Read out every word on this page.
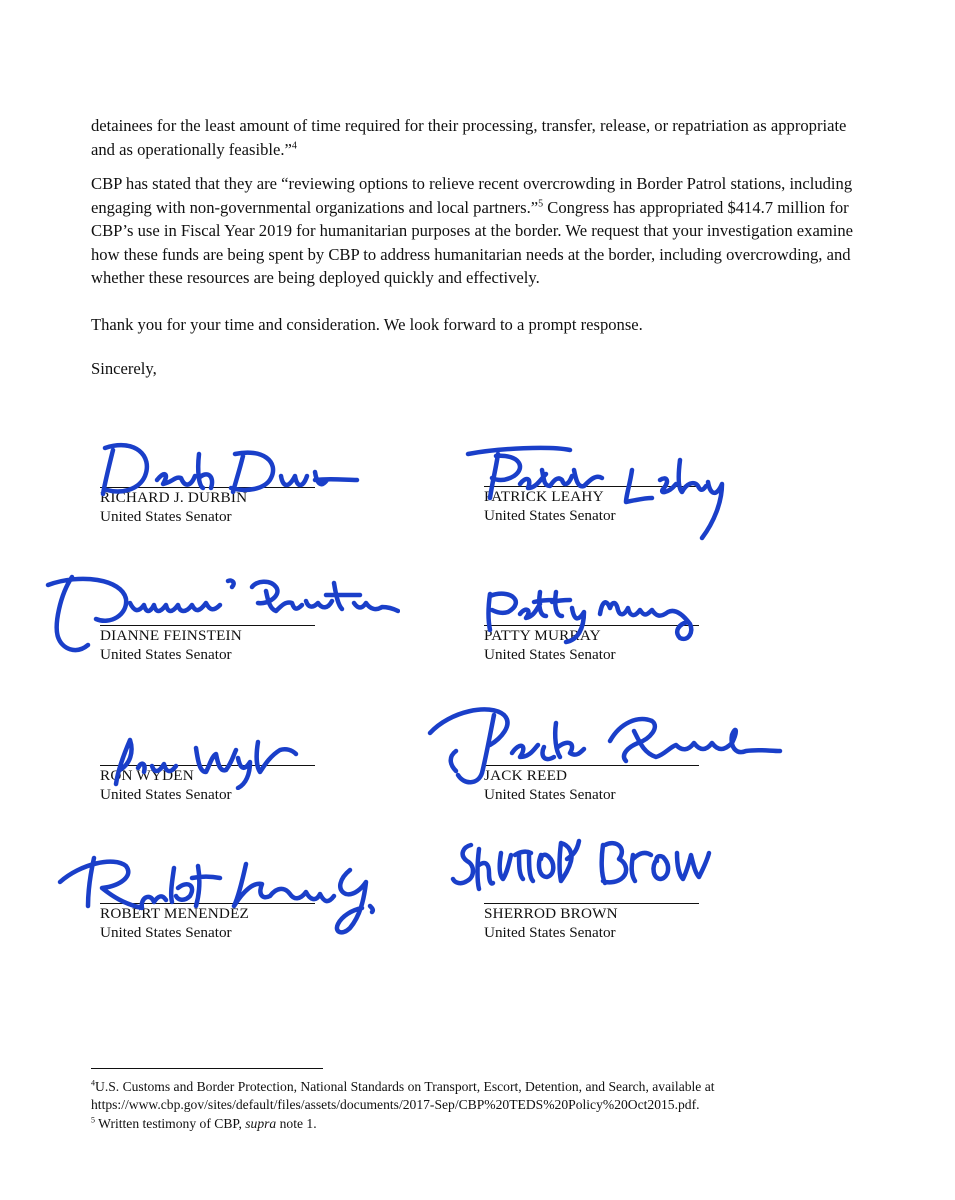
detainees for the least amount of time required for their processing, transfer, release, or repatriation as appropriate and as operationally feasible.”$^4$

CBP has stated that they are “reviewing options to relieve recent overcrowding in Border Patrol stations, including engaging with non-governmental organizations and local partners.”$^5$ Congress has appropriated $414.7 million for CBP’s use in Fiscal Year 2019 for humanitarian purposes at the border. We request that your investigation examine how these funds are being spent by CBP to address humanitarian needs at the border, including overcrowding, and whether these resources are being deployed quickly and effectively.

Thank you for your time and consideration. We look forward to a prompt response.

Sincerely,

RICHARD J. DURBIN
United States Senator
PATRICK LEAHY
United States Senator
DIANNE FEINSTEIN
United States Senator
PATTY MURRAY
United States Senator
RON WYDEN
United States Senator
JACK REED
United States Senator
ROBERT MENENDEZ
United States Senator
SHERROD BROWN
United States Senator

$^4$U.S. Customs and Border Protection, National Standards on Transport, Escort, Detention, and Search, available at https://www.cbp.gov/sites/default/files/assets/documents/2017-Sep/CBP%20TEDS%20Policy%20Oct2015.pdf.

$^5$ Written testimony of CBP, supra note 1.
